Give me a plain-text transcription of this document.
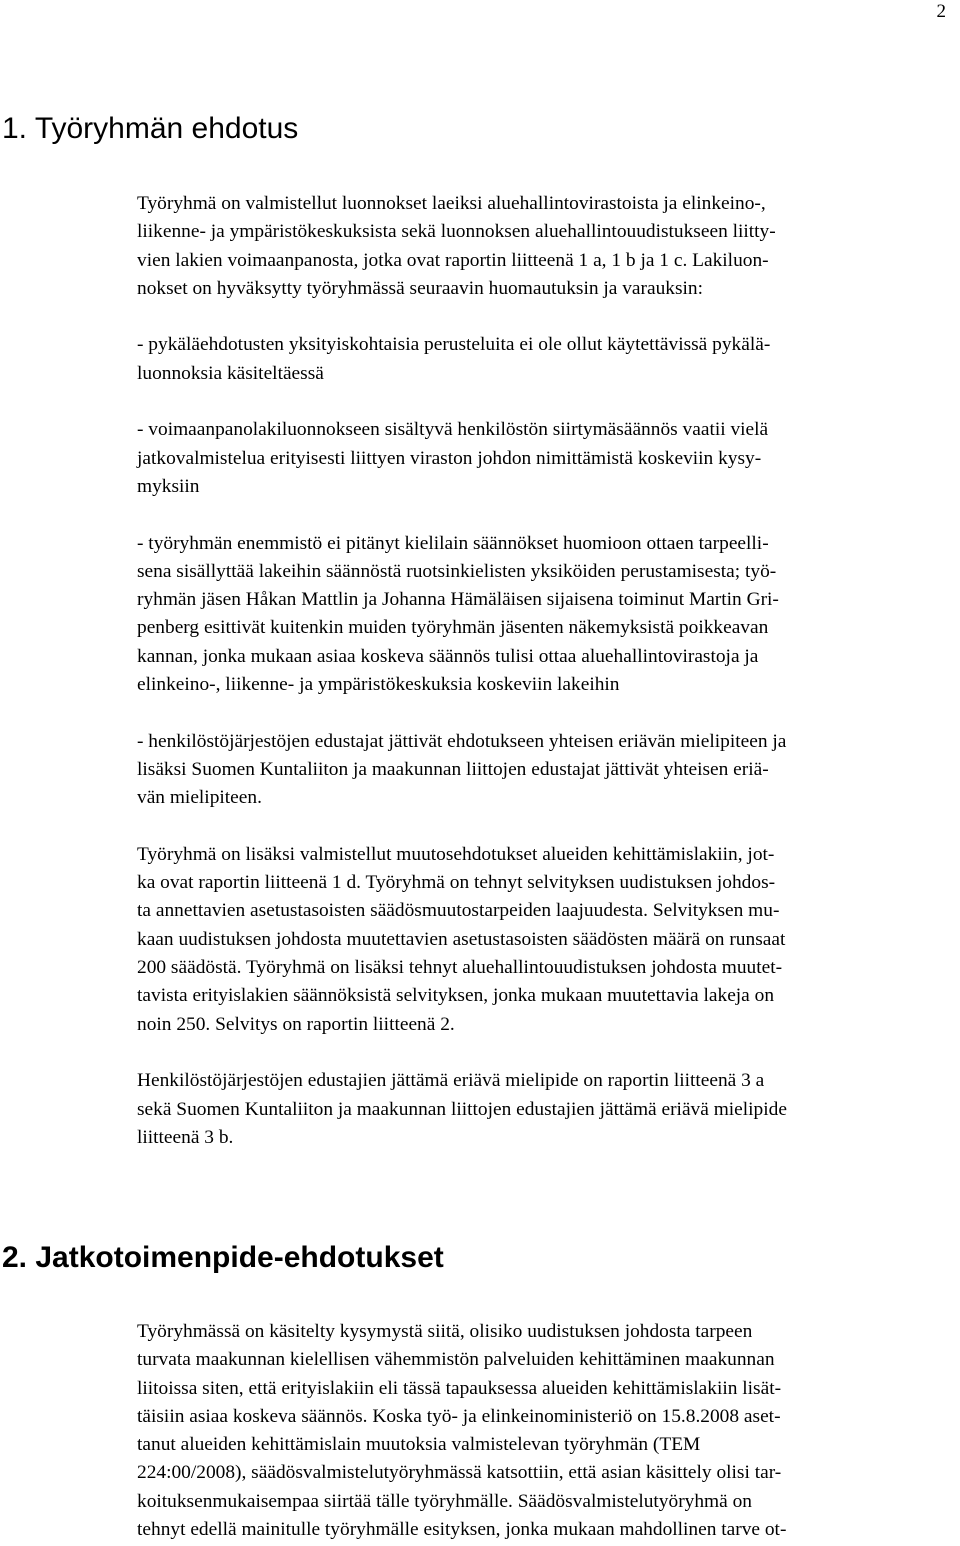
2
1. Työryhmän ehdotus
Työryhmä on valmistellut luonnokset laeiksi aluehallintovirastoista ja elinkeino-,
liikenne- ja ympäristökeskuksista sekä luonnoksen aluehallintouudistukseen liitty-
vien lakien voimaanpanosta, jotka ovat raportin liitteenä 1 a, 1 b ja 1 c. Lakiluon-
nokset on hyväksytty työryhmässä seuraavin huomautuksin ja varauksin:
- pykäläehdotusten yksityiskohtaisia perusteluita ei ole ollut käytettävissä pykälä-
luonnoksia käsiteltäessä
- voimaanpanolakiluonnokseen sisältyvä henkilöstön siirtymäsäännös vaatii vielä
jatkovalmistelua erityisesti liittyen viraston johdon nimittämistä koskeviin kysy-
myksiin
- työryhmän enemmistö ei pitänyt kielilain säännökset huomioon ottaen tarpeelli-
sena sisällyttää lakeihin säännöstä ruotsinkielisten yksiköiden perustamisesta; työ-
ryhmän jäsen Håkan Mattlin ja Johanna Hämäläisen sijaisena toiminut Martin Gri-
penberg esittivät kuitenkin muiden työryhmän jäsenten näkemyksistä poikkeavan
kannan, jonka mukaan asiaa koskeva säännös tulisi ottaa aluehallintovirastoja ja
elinkeino-, liikenne- ja ympäristökeskuksia koskeviin lakeihin
- henkilöstöjärjestöjen edustajat jättivät ehdotukseen yhteisen eriävän mielipiteen ja
lisäksi Suomen Kuntaliiton ja maakunnan liittojen edustajat jättivät yhteisen eriä-
vän mielipiteen.
Työryhmä on lisäksi valmistellut muutosehdotukset alueiden kehittämislakiin, jot-
ka ovat raportin liitteenä 1 d. Työryhmä on tehnyt selvityksen uudistuksen johdos-
ta annettavien asetustasoisten säädösmuutostarpeiden laajuudesta. Selvityksen mu-
kaan uudistuksen johdosta muutettavien asetustasoisten säädösten määrä on runsaat
200 säädöstä. Työryhmä on lisäksi tehnyt aluehallintouudistuksen johdosta muutet-
tavista erityislakien säännöksistä selvityksen, jonka mukaan muutettavia lakeja on
noin 250. Selvitys on raportin liitteenä 2.
Henkilöstöjärjestöjen edustajien jättämä eriävä mielipide on raportin liitteenä 3 a
sekä Suomen Kuntaliiton ja maakunnan liittojen edustajien jättämä eriävä mielipide
liitteenä 3 b.
2. Jatkotoimenpide-ehdotukset
Työryhmässä on käsitelty kysymystä siitä, olisiko uudistuksen johdosta tarpeen
turvata maakunnan kielellisen vähemmistön palveluiden kehittäminen maakunnan
liitoissa siten, että erityislakiin eli tässä tapauksessa alueiden kehittämislakiin lisät-
täisiin asiaa koskeva säännös. Koska työ- ja elinkeinoministeriö on 15.8.2008 aset-
tanut alueiden kehittämislain muutoksia valmistelevan työryhmän (TEM
224:00/2008), säädösvalmistelutyöryhmässä katsottiin, että asian käsittely olisi tar-
koituksenmukaisempaa siirtää tälle työryhmälle. Säädösvalmistelutyöryhmä on
tehnyt edellä mainitulle työryhmälle esityksen, jonka mukaan mahdollinen tarve ot-
